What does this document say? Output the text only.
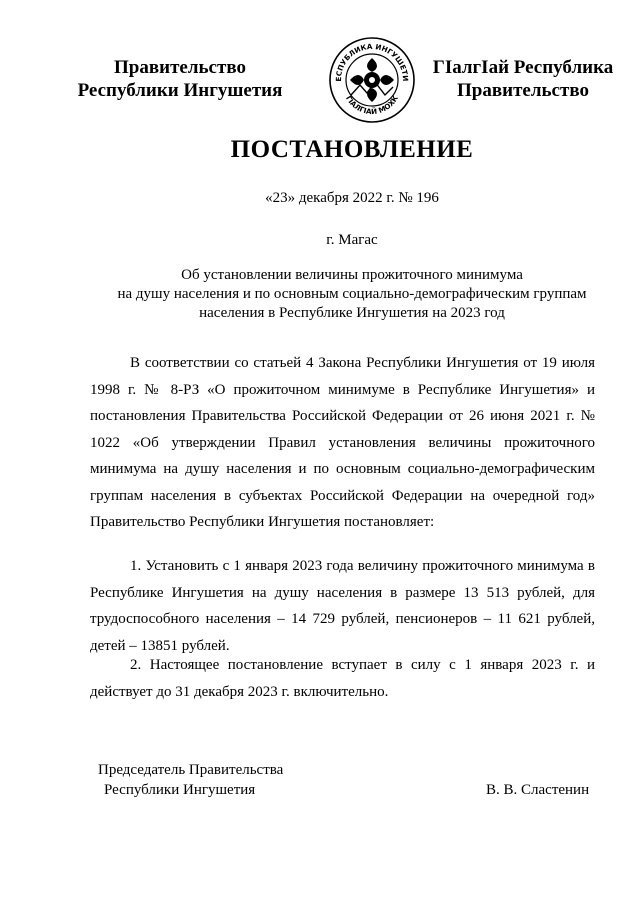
Правительство
Республики Ингушетия
ЕСПУБЛИКА ИНГУШЕТИ
ГIАЛГIАЙ МОХК
ГIалгIай Республика
Правительство
ПОСТАНОВЛЕНИЕ
«23» декабря 2022 г. № 196
г. Магас
Об установлении величины прожиточного минимума
на душу населения и по основным социально-демографическим группам
населения в Республике Ингушетия на 2023 год

В соответствии со статьей 4 Закона Республики Ингушетия от 19 июля 1998 г. № 8-РЗ «О прожиточном минимуме в Республике Ингушетия» и постановления Правительства Российской Федерации от 26 июня 2021 г. № 1022 «Об утверждении Правил установления величины прожиточного минимума на душу населения и по основным социально-демографическим группам населения в субъектах Российской Федерации на очередной год» Правительство Республики Ингушетия постановляет:

1. Установить с 1 января 2023 года величину прожиточного минимума в Республике Ингушетия на душу населения в размере 13 513 рублей, для трудоспособного населения – 14 729 рублей, пенсионеров – 11 621 рублей, детей – 13851 рублей.

2. Настоящее постановление вступает в силу с 1 января 2023 г. и действует до 31 декабря 2023 г. включительно.

Председатель Правительства
Республики Ингушетия	В. В. Сластенин
